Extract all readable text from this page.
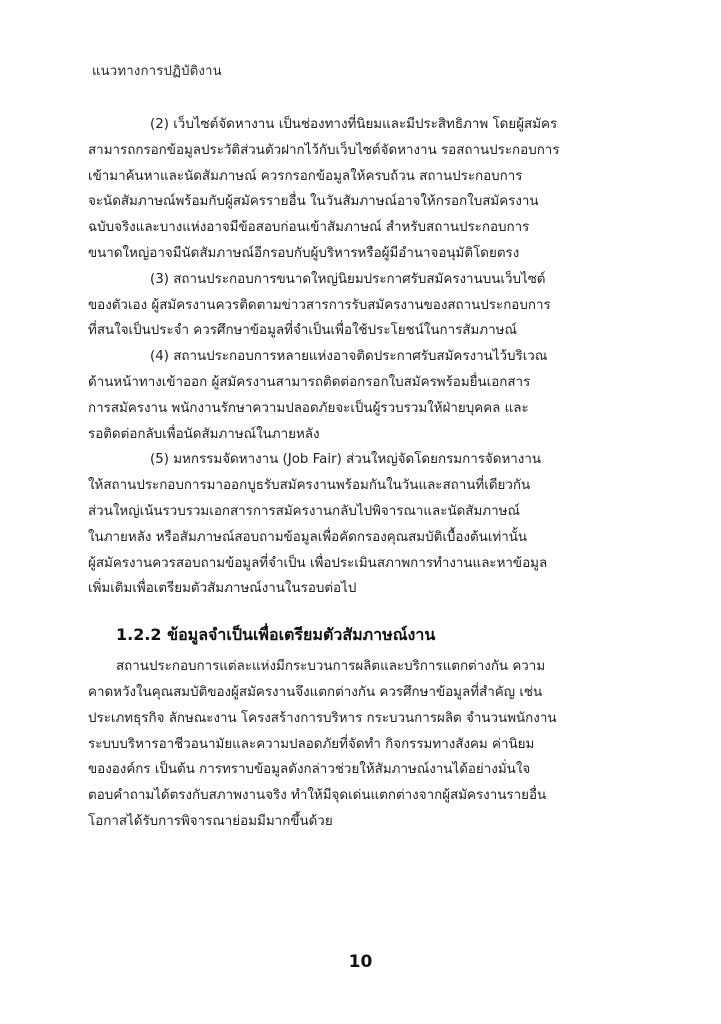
แนวทางการปฏิบัติงาน

(2) เว็บไซต์จัดหางาน เป็นช่องทางที่นิยมและมีประสิทธิภาพ โดยผู้สมัคร
สามารถกรอกข้อมูลประวัติส่วนตัวฝากไว้กับเว็บไซต์จัดหางาน รอสถานประกอบการ
เข้ามาค้นหาและนัดสัมภาษณ์ ควรกรอกข้อมูลให้ครบถ้วน สถานประกอบการ
จะนัดสัมภาษณ์พร้อมกับผู้สมัครรายอื่น ในวันสัมภาษณ์อาจให้กรอกใบสมัครงาน
ฉบับจริงและบางแห่งอาจมีข้อสอบก่อนเข้าสัมภาษณ์ สำหรับสถานประกอบการ
ขนาดใหญ่อาจมีนัดสัมภาษณ์อีกรอบกับผู้บริหารหรือผู้มีอำนาจอนุมัติโดยตรง

(3) สถานประกอบการขนาดใหญ่นิยมประกาศรับสมัครงานบนเว็บไซต์
ของตัวเอง ผู้สมัครงานควรติดตามข่าวสารการรับสมัครงานของสถานประกอบการ
ที่สนใจเป็นประจำ ควรศึกษาข้อมูลที่จำเป็นเพื่อใช้ประโยชน์ในการสัมภาษณ์

(4) สถานประกอบการหลายแห่งอาจติดประกาศรับสมัครงานไว้บริเวณ
ด้านหน้าทางเข้าออก ผู้สมัครงานสามารถติดต่อกรอกใบสมัครพร้อมยื่นเอกสาร
การสมัครงาน พนักงานรักษาความปลอดภัยจะเป็นผู้รวบรวมให้ฝ่ายบุคคล และ
รอติดต่อกลับเพื่อนัดสัมภาษณ์ในภายหลัง

(5) มหกรรมจัดหางาน (Job Fair) ส่วนใหญ่จัดโดยกรมการจัดหางาน
ให้สถานประกอบการมาออกบูธรับสมัครงานพร้อมกันในวันและสถานที่เดียวกัน
ส่วนใหญ่เน้นรวบรวมเอกสารการสมัครงานกลับไปพิจารณาและนัดสัมภาษณ์
ในภายหลัง หรือสัมภาษณ์สอบถามข้อมูลเพื่อคัดกรองคุณสมบัติเบื้องต้นเท่านั้น
ผู้สมัครงานควรสอบถามข้อมูลที่จำเป็น เพื่อประเมินสภาพการทำงานและหาข้อมูล
เพิ่มเติมเพื่อเตรียมตัวสัมภาษณ์งานในรอบต่อไป

1.2.2 ข้อมูลจำเป็นเพื่อเตรียมตัวสัมภาษณ์งาน

สถานประกอบการแต่ละแห่งมีกระบวนการผลิตและบริการแตกต่างกัน ความ
คาดหวังในคุณสมบัติของผู้สมัครงานจึงแตกต่างกัน ควรศึกษาข้อมูลที่สำคัญ เช่น
ประเภทธุรกิจ ลักษณะงาน โครงสร้างการบริหาร กระบวนการผลิต จำนวนพนักงาน
ระบบบริหารอาชีวอนามัยและความปลอดภัยที่จัดทำ กิจกรรมทางสังคม ค่านิยม
ขององค์กร เป็นต้น การทราบข้อมูลดังกล่าวช่วยให้สัมภาษณ์งานได้อย่างมั่นใจ
ตอบคำถามได้ตรงกับสภาพงานจริง ทำให้มีจุดเด่นแตกต่างจากผู้สมัครงานรายอื่น
โอกาสได้รับการพิจารณาย่อมมีมากขึ้นด้วย

10
